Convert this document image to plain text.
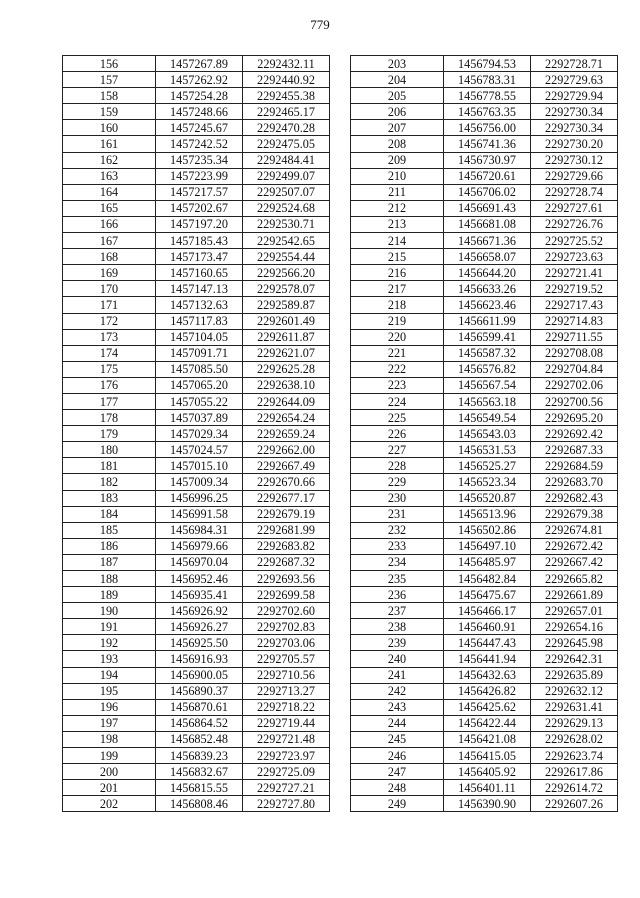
779
156	1457267.89	2292432.11
157	1457262.92	2292440.92
158	1457254.28	2292455.38
159	1457248.66	2292465.17
160	1457245.67	2292470.28
161	1457242.52	2292475.05
162	1457235.34	2292484.41
163	1457223.99	2292499.07
164	1457217.57	2292507.07
165	1457202.67	2292524.68
166	1457197.20	2292530.71
167	1457185.43	2292542.65
168	1457173.47	2292554.44
169	1457160.65	2292566.20
170	1457147.13	2292578.07
171	1457132.63	2292589.87
172	1457117.83	2292601.49
173	1457104.05	2292611.87
174	1457091.71	2292621.07
175	1457085.50	2292625.28
176	1457065.20	2292638.10
177	1457055.22	2292644.09
178	1457037.89	2292654.24
179	1457029.34	2292659.24
180	1457024.57	2292662.00
181	1457015.10	2292667.49
182	1457009.34	2292670.66
183	1456996.25	2292677.17
184	1456991.58	2292679.19
185	1456984.31	2292681.99
186	1456979.66	2292683.82
187	1456970.04	2292687.32
188	1456952.46	2292693.56
189	1456935.41	2292699.58
190	1456926.92	2292702.60
191	1456926.27	2292702.83
192	1456925.50	2292703.06
193	1456916.93	2292705.57
194	1456900.05	2292710.56
195	1456890.37	2292713.27
196	1456870.61	2292718.22
197	1456864.52	2292719.44
198	1456852.48	2292721.48
199	1456839.23	2292723.97
200	1456832.67	2292725.09
201	1456815.55	2292727.21
202	1456808.46	2292727.80
203	1456794.53	2292728.71
204	1456783.31	2292729.63
205	1456778.55	2292729.94
206	1456763.35	2292730.34
207	1456756.00	2292730.34
208	1456741.36	2292730.20
209	1456730.97	2292730.12
210	1456720.61	2292729.66
211	1456706.02	2292728.74
212	1456691.43	2292727.61
213	1456681.08	2292726.76
214	1456671.36	2292725.52
215	1456658.07	2292723.63
216	1456644.20	2292721.41
217	1456633.26	2292719.52
218	1456623.46	2292717.43
219	1456611.99	2292714.83
220	1456599.41	2292711.55
221	1456587.32	2292708.08
222	1456576.82	2292704.84
223	1456567.54	2292702.06
224	1456563.18	2292700.56
225	1456549.54	2292695.20
226	1456543.03	2292692.42
227	1456531.53	2292687.33
228	1456525.27	2292684.59
229	1456523.34	2292683.70
230	1456520.87	2292682.43
231	1456513.96	2292679.38
232	1456502.86	2292674.81
233	1456497.10	2292672.42
234	1456485.97	2292667.42
235	1456482.84	2292665.82
236	1456475.67	2292661.89
237	1456466.17	2292657.01
238	1456460.91	2292654.16
239	1456447.43	2292645.98
240	1456441.94	2292642.31
241	1456432.63	2292635.89
242	1456426.82	2292632.12
243	1456425.62	2292631.41
244	1456422.44	2292629.13
245	1456421.08	2292628.02
246	1456415.05	2292623.74
247	1456405.92	2292617.86
248	1456401.11	2292614.72
249	1456390.90	2292607.26
